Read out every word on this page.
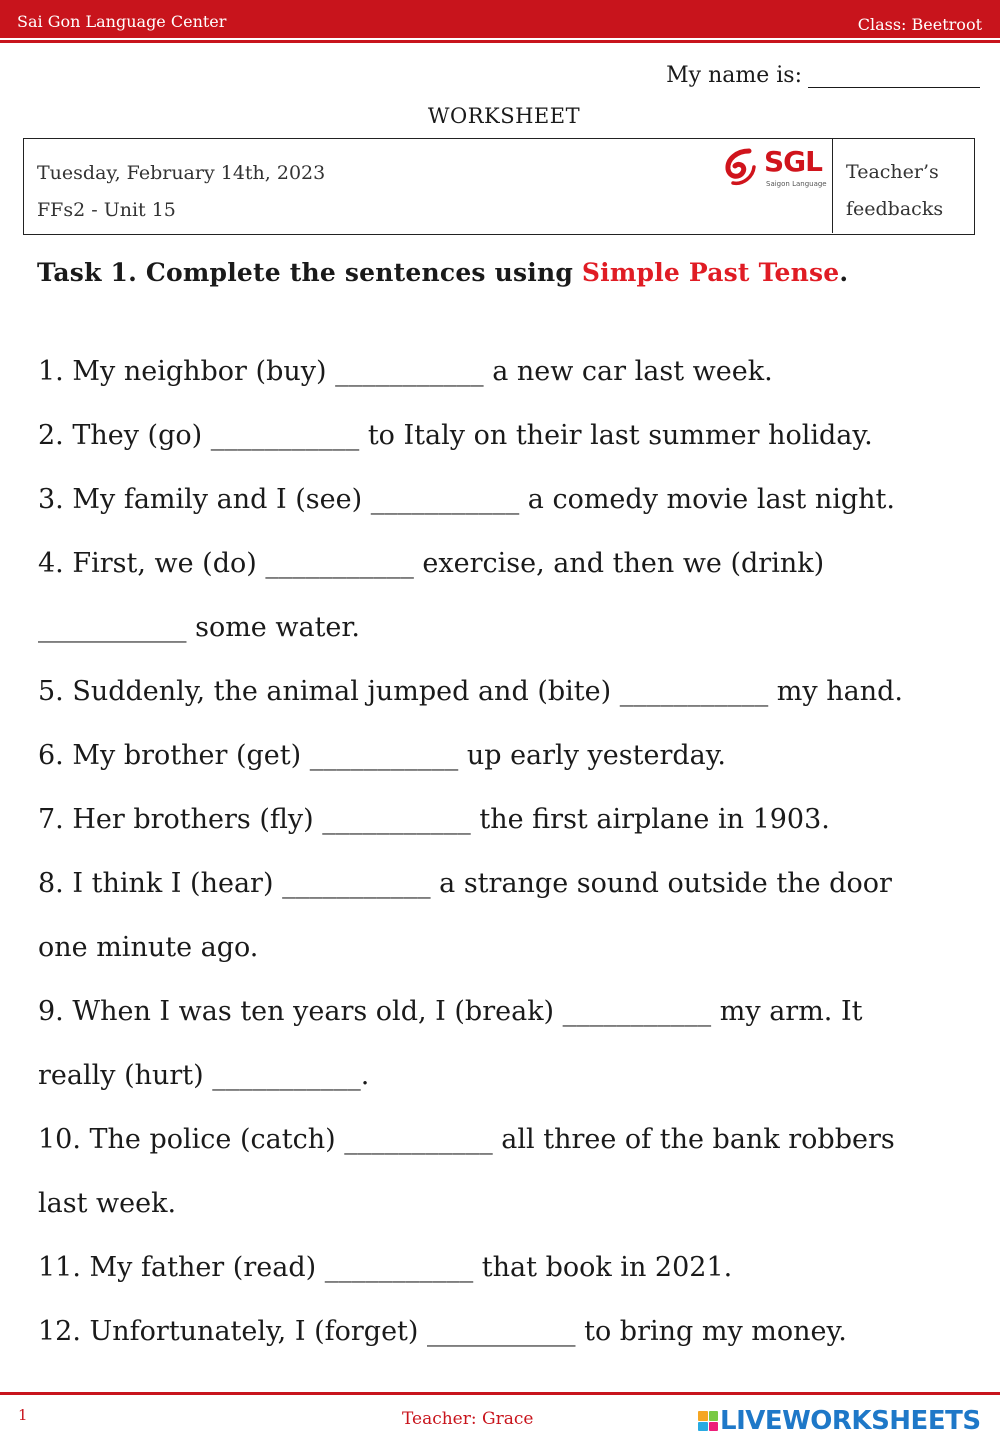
Sai Gon Language Center	Class: Beetroot
My name is:
WORKSHEET
Tuesday, February 14th, 2023
FFs2 - Unit 15
SGL
Saigon Language
Teacher’s
feedbacks
Task 1. Complete the sentences using Simple Past Tense.
1. My neighbor (buy) ___________ a new car last week.
2. They (go) ___________ to Italy on their last summer holiday.
3. My family and I (see) ___________ a comedy movie last night.
4. First, we (do) ___________ exercise, and then we (drink)
___________ some water.
5. Suddenly, the animal jumped and (bite) ___________ my hand.
6. My brother (get) ___________ up early yesterday.
7. Her brothers (fly) ___________ the first airplane in 1903.
8. I think I (hear) ___________ a strange sound outside the door
one minute ago.
9. When I was ten years old, I (break) ___________ my arm. It
really (hurt) ___________.
10. The police (catch) ___________ all three of the bank robbers
last week.
11. My father (read) ___________ that book in 2021.
12. Unfortunately, I (forget) ___________ to bring my money.
1	Teacher: Grace	LIVEWORKSHEETS
